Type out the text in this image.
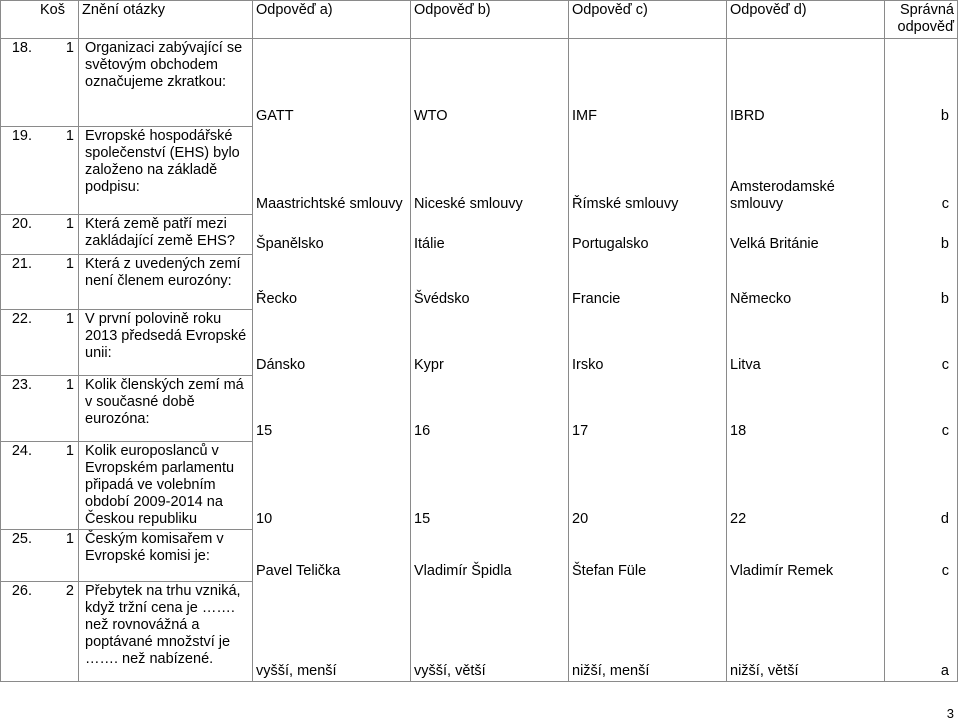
	Koš	Znění otázky	Odpověď a)	Odpověď b)	Odpověď c)	Odpověď d)	Správná odpověď
18.	1	Organizaci zabývající se světovým obchodem označujeme zkratkou:	GATT	WTO	IMF	IBRD	b
19.	1	Evropské hospodářské společenství (EHS) bylo založeno na základě podpisu:	Maastrichtské smlouvy	Niceské smlouvy	Římské smlouvy	Amsterodamské smlouvy	c
20.	1	Která země patří mezi zakládající země EHS?	Španělsko	Itálie	Portugalsko	Velká Británie	b
21.	1	Která z uvedených zemí není členem eurozóny:	Řecko	Švédsko	Francie	Německo	b
22.	1	V první polovině roku 2013 předsedá Evropské unii:	Dánsko	Kypr	Irsko	Litva	c
23.	1	Kolik členských zemí má v současné době eurozóna:	15	16	17	18	c
24.	1	Kolik europoslanců v Evropském parlamentu připadá ve volebním období 2009-2014 na Českou republiku	10	15	20	22	d
25.	1	Českým komisařem v Evropské komisi je:	Pavel Telička	Vladimír Špidla	Štefan Füle	Vladimír Remek	c
26.	2	Přebytek na trhu vzniká, když tržní cena je ……. než rovnovážná a poptávané množství je ……. než nabízené.	vyšší, menší	vyšší, větší	nižší, menší	nižší, větší	a
3
